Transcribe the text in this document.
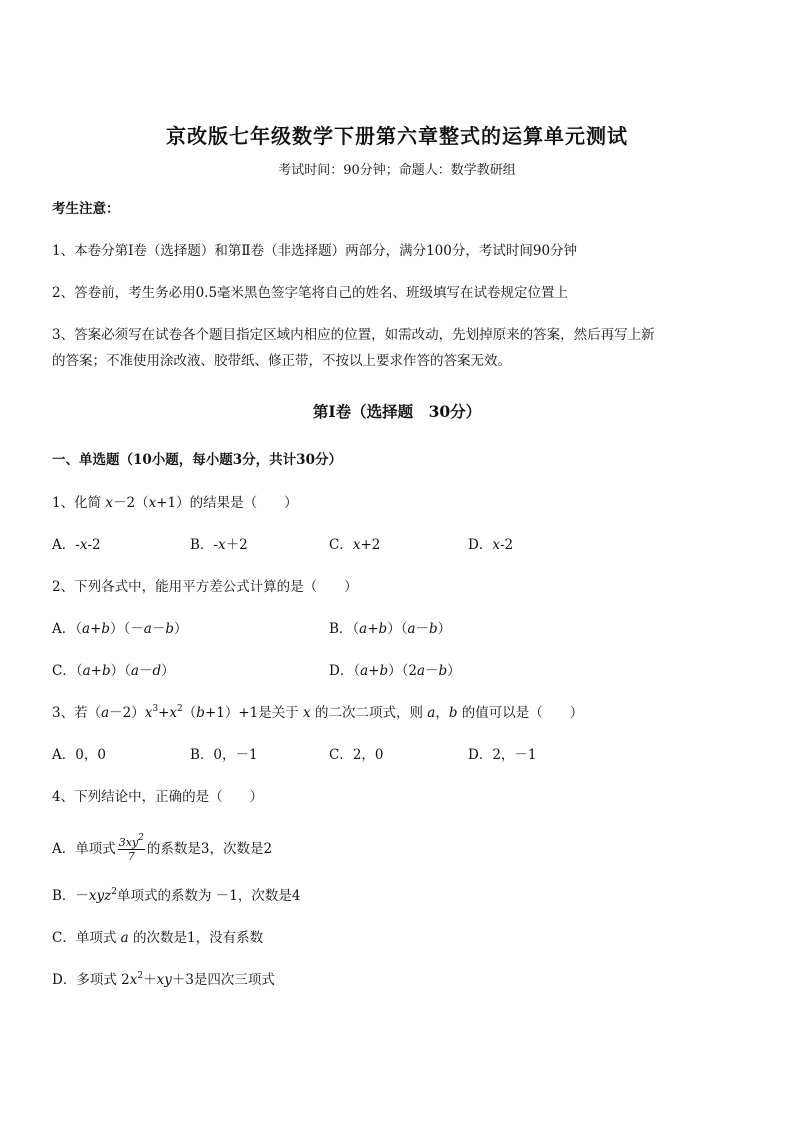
京改版七年级数学下册第六章整式的运算单元测试
考试时间：90分钟；命题人：数学教研组
考生注意：
1、本卷分第Ⅰ卷（选择题）和第Ⅱ卷（非选择题）两部分，满分100分，考试时间90分钟
2、答卷前，考生务必用0.5毫米黑色签字笔将自己的姓名、班级填写在试卷规定位置上
3、答案必须写在试卷各个题目指定区域内相应的位置，如需改动，先划掉原来的答案，然后再写上新
的答案；不准使用涂改液、胶带纸、修正带，不按以上要求作答的答案无效。
第Ⅰ卷（选择题　30分）
一、单选题（10小题，每小题3分，共计30分）
1、化简 x－2（x+1）的结果是（　　）
A．-x-2	B．-x＋2	C．x+2	D．x-2
2、下列各式中，能用平方差公式计算的是（　　）
A．（a+b）（－a－b）	B．（a+b）（a－b）
C．（a+b）（a－d）	D．（a+b）（2a－b）
3、若$(a-2)x^3+x^2(b+1)+1$是关于 x 的二次二项式，则 a，b 的值可以是（　　）
A．0，0	B．0，－1	C．2，0	D．2，－1
4、下列结论中，正确的是（　　）
A．单项式 $\frac{3xy^2}{7}$ 的系数是3，次数是2
B．－xyz$^2$单项式的系数为 －1，次数是4
C．单项式 a 的次数是1，没有系数
D．多项式 $2x^2+xy+3$是四次三项式
